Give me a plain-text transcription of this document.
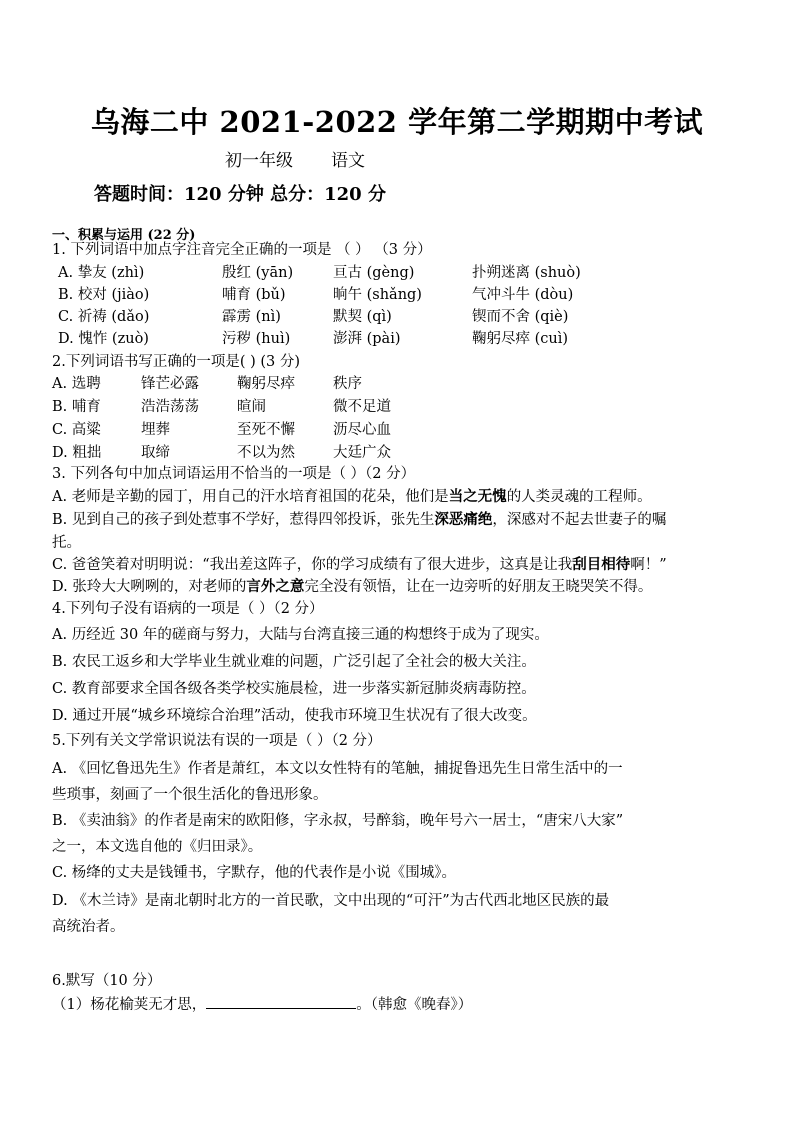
乌海二中 2021-2022 学年第二学期期中考试
初一年级 语文
答题时间：120 分钟 总分：120 分
一、积累与运用 (22 分)
1. 下列词语中加点字注音完全正确的一项是 （ ） （3 分）
A. 挚友 (zhì)	殷红 (yān)	亘古 (gèng)	扑朔迷离 (shuò)
B. 校对 (jiào)	哺育 (bǔ)	晌午 (shǎng)	气冲斗牛 (dòu)
C. 祈祷 (dǎo)	霹雳 (nì)	默契 (qì)	锲而不舍 (qiè)
D. 愧怍 (zuò)	污秽 (huì)	澎湃 (pài)	鞠躬尽瘁 (cuì)
2.下列词语书写正确的一项是( ) (3 分)
A. 选聘	锋芒必露	鞠躬尽瘁	秩序
B. 哺育	浩浩荡荡	暄闹	微不足道
C. 高粱	埋葬	至死不懈	沥尽心血
D. 粗拙	取缔	不以为然	大廷广众
3. 下列各句中加点词语运用不恰当的一项是（ ）（2 分）
A. 老师是辛勤的园丁，用自己的汗水培育祖国的花朵，他们是当之无愧的人类灵魂的工程师。
B. 见到自己的孩子到处惹事不学好，惹得四邻投诉，张先生深恶痛绝，深感对不起去世妻子的嘱
托。
C. 爸爸笑着对明明说：“我出差这阵子，你的学习成绩有了很大进步，这真是让我刮目相待啊！”
D. 张玲大大咧咧的，对老师的言外之意完全没有领悟，让在一边旁听的好朋友王晓哭笑不得。
4.下列句子没有语病的一项是（ ）（2 分）
A. 历经近 30 年的磋商与努力，大陆与台湾直接三通的构想终于成为了现实。
B. 农民工返乡和大学毕业生就业难的问题，广泛引起了全社会的极大关注。
C. 教育部要求全国各级各类学校实施晨检，进一步落实新冠肺炎病毒防控。
D. 通过开展“城乡环境综合治理”活动，使我市环境卫生状况有了很大改变。
5.下列有关文学常识说法有误的一项是（ ）（2 分）
A. 《回忆鲁迅先生》作者是萧红，本文以女性特有的笔触，捕捉鲁迅先生日常生活中的一
些琐事，刻画了一个很生活化的鲁迅形象。
B. 《卖油翁》的作者是南宋的欧阳修，字永叔，号醉翁，晚年号六一居士，“唐宋八大家”
之一，本文选自他的《归田录》。
C. 杨绛的丈夫是钱锺书，字默存，他的代表作是小说《围城》。
D. 《木兰诗》是南北朝时北方的一首民歌，文中出现的“可汗”为古代西北地区民族的最
高统治者。
6.默写（10 分）
（1）杨花榆荚无才思，	。（韩愈《晚春》）
